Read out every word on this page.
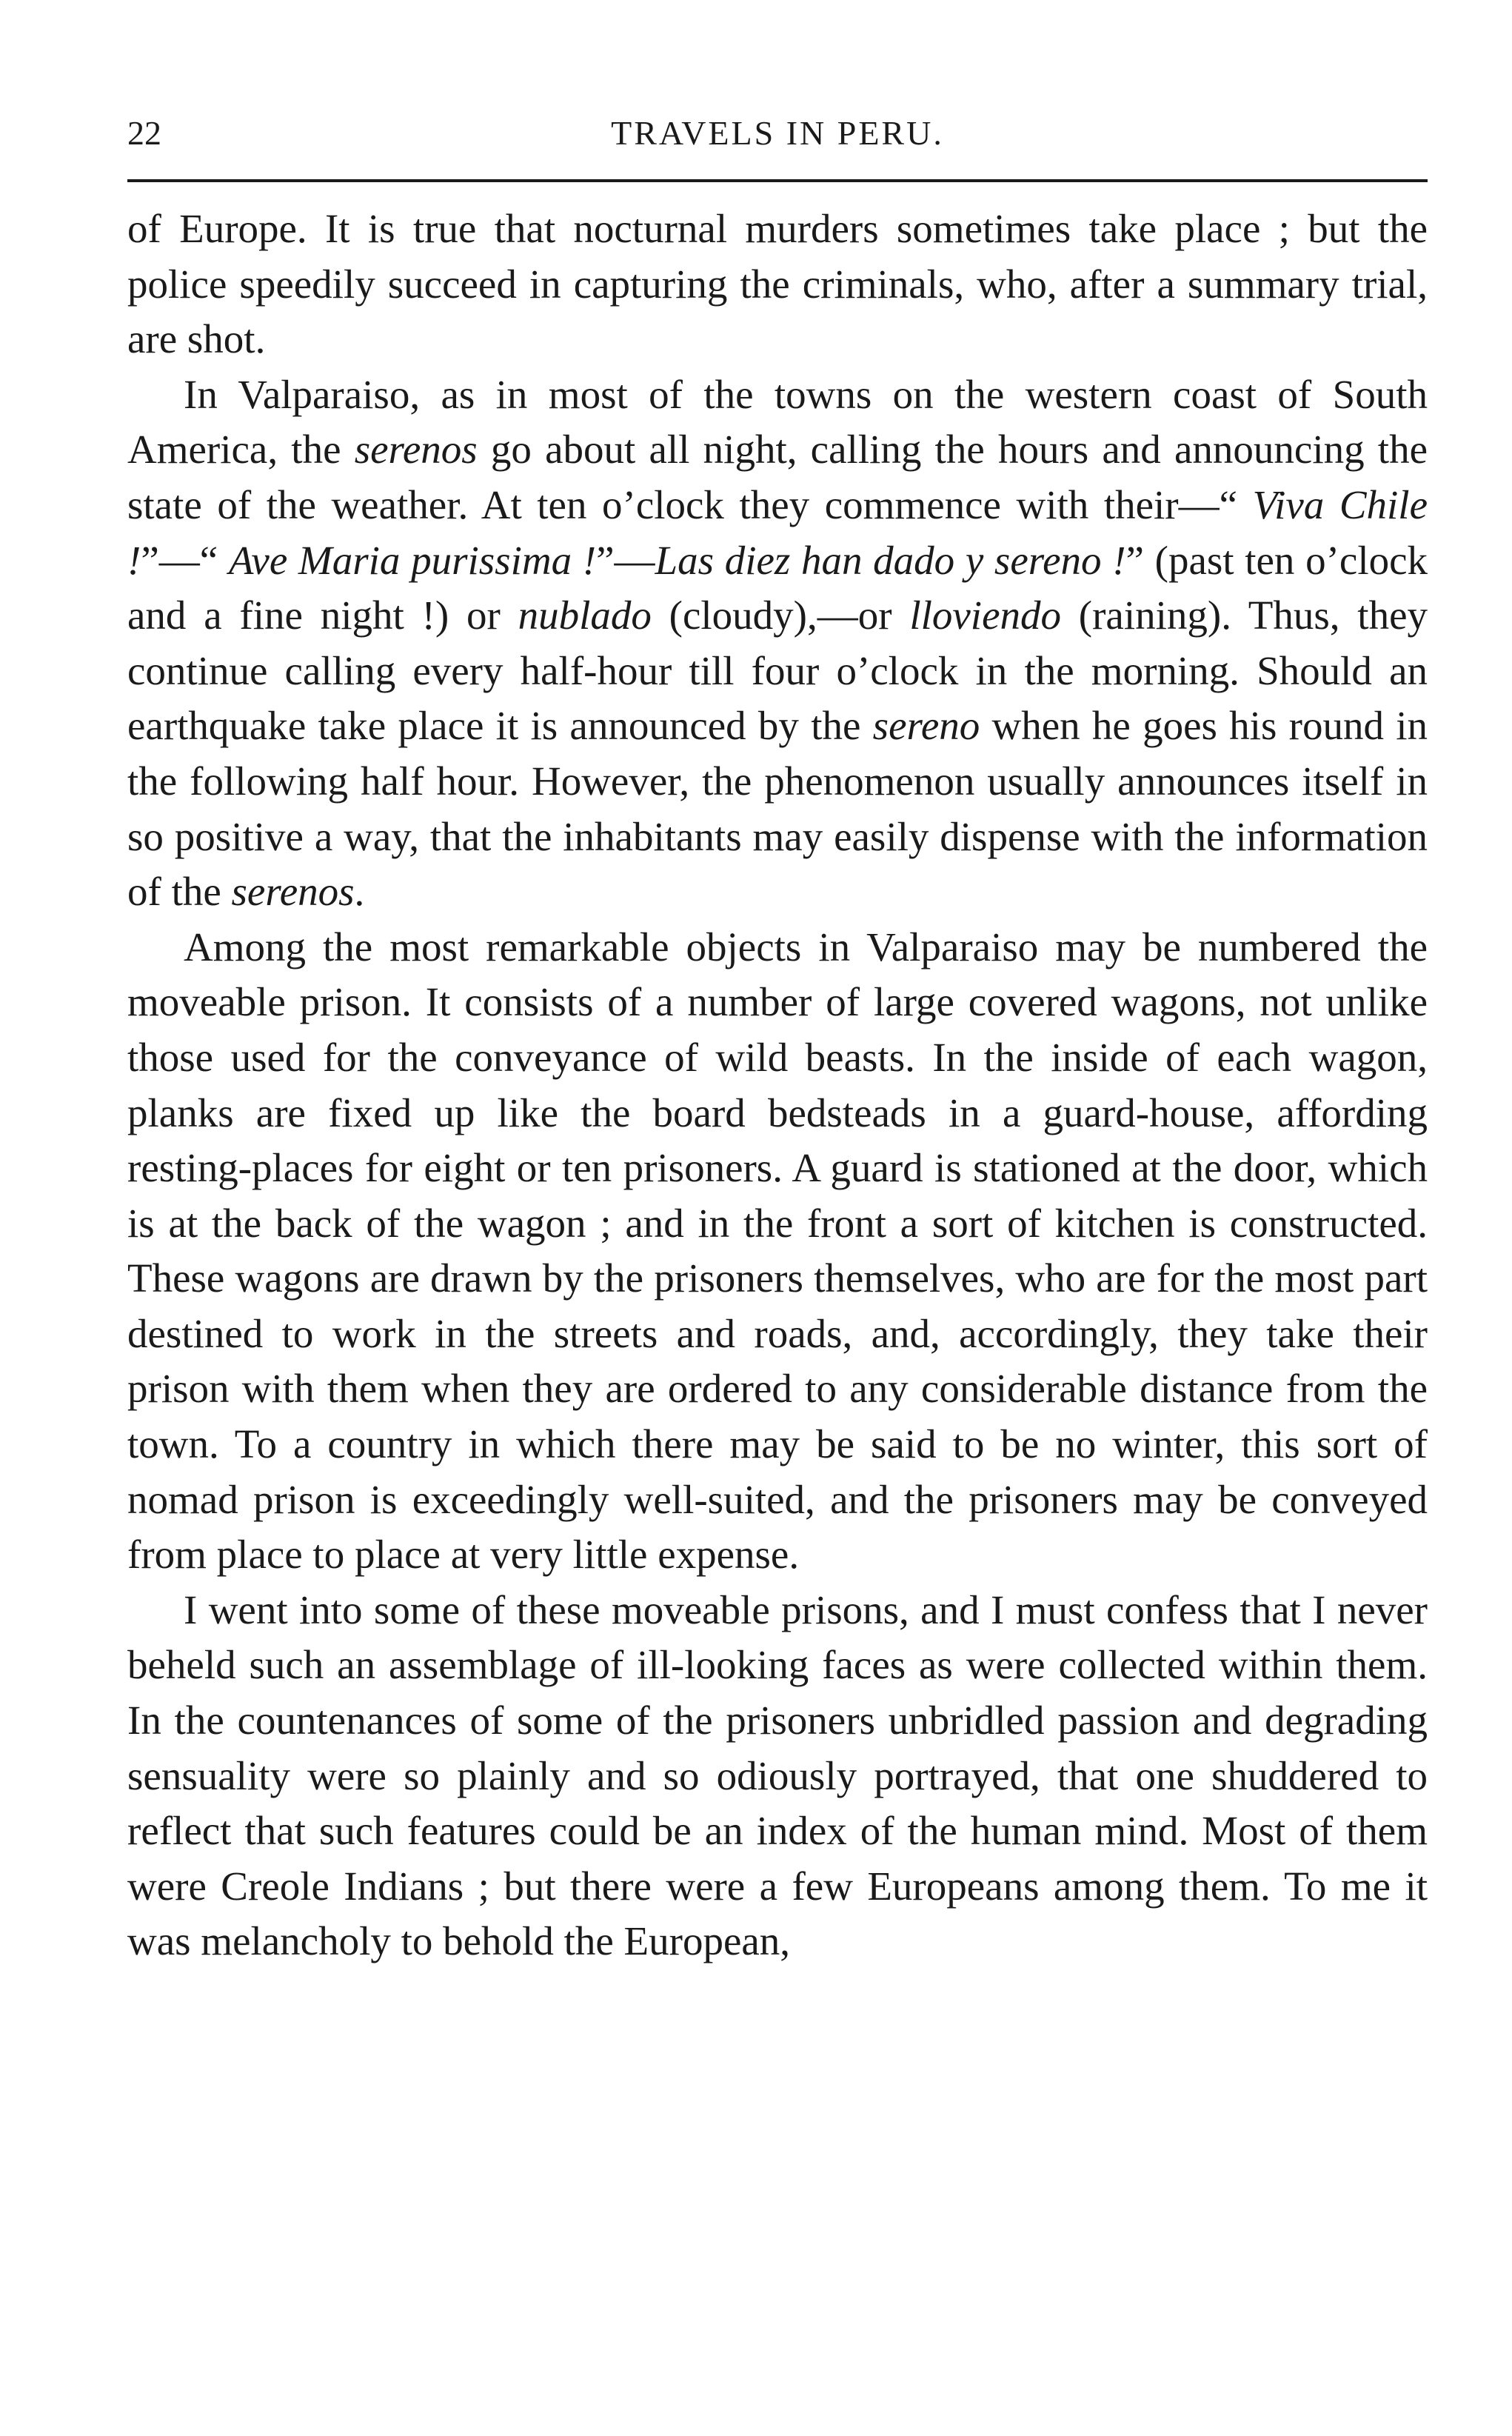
22	TRAVELS IN PERU.

of Europe. It is true that nocturnal murders sometimes take place ; but the police speedily succeed in capturing the criminals, who, after a summary trial, are shot.

In Valparaiso, as in most of the towns on the western coast of South America, the serenos go about all night, calling the hours and announcing the state of the weather. At ten o’clock they commence with their—“ Viva Chile !”—“ Ave Maria purissima !”—Las diez han dado y sereno !” (past ten o’clock and a fine night !) or nublado (cloudy),—or lloviendo (raining). Thus, they continue calling every half-hour till four o’clock in the morning. Should an earthquake take place it is announced by the sereno when he goes his round in the following half hour. However, the phenomenon usually announces itself in so positive a way, that the inhabitants may easily dispense with the information of the serenos.

Among the most remarkable objects in Valparaiso may be numbered the moveable prison. It consists of a number of large covered wagons, not unlike those used for the conveyance of wild beasts. In the inside of each wagon, planks are fixed up like the board bedsteads in a guard-house, affording resting-places for eight or ten prisoners. A guard is stationed at the door, which is at the back of the wagon ; and in the front a sort of kitchen is constructed. These wagons are drawn by the prisoners themselves, who are for the most part destined to work in the streets and roads, and, accordingly, they take their prison with them when they are ordered to any considerable distance from the town. To a country in which there may be said to be no winter, this sort of nomad prison is exceedingly well-suited, and the prisoners may be conveyed from place to place at very little expense.

I went into some of these moveable prisons, and I must confess that I never beheld such an assemblage of ill-looking faces as were collected within them. In the countenances of some of the prisoners unbridled passion and degrading sensuality were so plainly and so odiously portrayed, that one shuddered to reflect that such features could be an index of the human mind. Most of them were Creole Indians ; but there were a few Europeans among them. To me it was melancholy to behold the European,
